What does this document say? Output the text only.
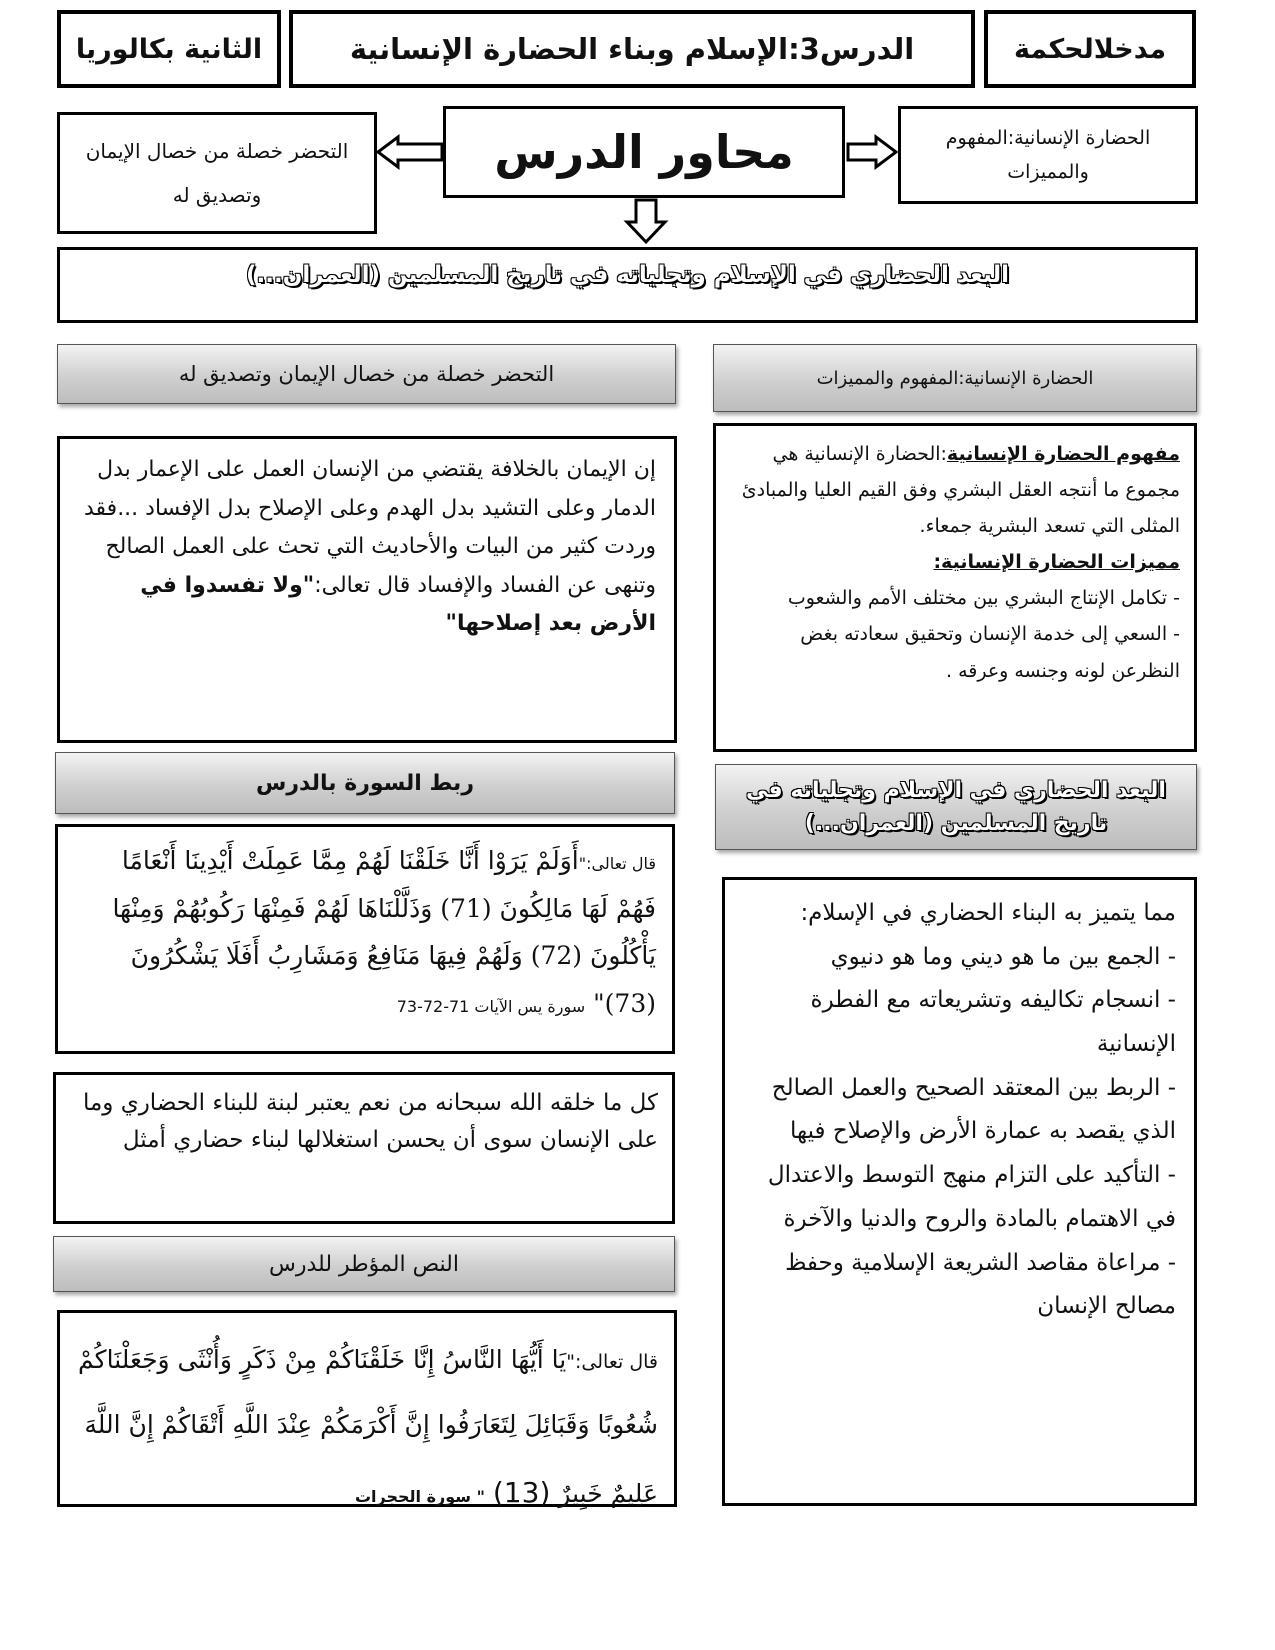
مدخلالحكمة
الدرس3:الإسلام وبناء الحضارة الإنسانية
الثانية بكالوريا
الحضارة الإنسانية:المفهوم والمميزات
محاور الدرس
التحضر خصلة من خصال الإيمان وتصديق له
البعد الحضاري في الإسلام وتجلياته في تاريخ المسلمين (العمران...)
الحضارة الإنسانية:المفهوم والمميزات

مفهوم الحضارة الإنسانية:الحضارة الإنسانية هي مجموع ما أنتجه العقل البشري وفق القيم العليا والمبادئ المثلى التي تسعد البشرية جمعاء.

مميزات الحضارة الإنسانية:

- تكامل الإنتاج البشري بين مختلف الأمم والشعوب

- السعي إلى خدمة الإنسان وتحقيق سعادته بغض النظرعن لونه وجنسه وعرقه .

البعد الحضاري في الإسلام وتجلياته في تاريخ المسلمين (العمران...)

مما يتميز به البناء الحضاري في الإسلام:

- الجمع بين ما هو ديني وما هو دنيوي

- انسجام تكاليفه وتشريعاته مع الفطرة الإنسانية

- الربط بين المعتقد الصحيح والعمل الصالح الذي يقصد به عمارة الأرض والإصلاح فيها

- التأكيد على التزام منهج التوسط والاعتدال في الاهتمام بالمادة والروح والدنيا والآخرة

- مراعاة مقاصد الشريعة الإسلامية وحفظ مصالح الإنسان

التحضر خصلة من خصال الإيمان وتصديق له
إن الإيمان بالخلافة يقتضي من الإنسان العمل على الإعمار بدل الدمار وعلى التشيد بدل الهدم وعلى الإصلاح بدل الإفساد ...فقد وردت كثير من البيات والأحاديث التي تحث على العمل الصالح وتنهى عن الفساد والإفساد قال تعالى:"ولا تفسدوا في الأرض بعد إصلاحها"
ربط السورة بالدرس
قال تعالى:"أَوَلَمْ يَرَوْا أَنَّا خَلَقْنَا لَهُمْ مِمَّا عَمِلَتْ أَيْدِينَا أَنْعَامًا فَهُمْ لَهَا مَالِكُونَ (71) وَذَلَّلْنَاهَا لَهُمْ فَمِنْهَا رَكُوبُهُمْ وَمِنْهَا يَأْكُلُونَ (72) وَلَهُمْ فِيهَا مَنَافِعُ وَمَشَارِبُ أَفَلَا يَشْكُرُونَ (73)" سورة يس الآيات 71-72-73
كل ما خلقه الله سبحانه من نعم يعتبر لبنة للبناء الحضاري وما على الإنسان سوى أن يحسن استغلالها لبناء حضاري أمثل
النص المؤطر للدرس
قال تعالى:"يَا أَيُّهَا النَّاسُ إِنَّا خَلَقْنَاكُمْ مِنْ ذَكَرٍ وَأُنْثَى وَجَعَلْنَاكُمْ شُعُوبًا وَقَبَائِلَ لِتَعَارَفُوا إِنَّ أَكْرَمَكُمْ عِنْدَ اللَّهِ أَتْقَاكُمْ إِنَّ اللَّهَ عَلِيمٌ خَبِيرٌ (13) " سورة الحجرات
